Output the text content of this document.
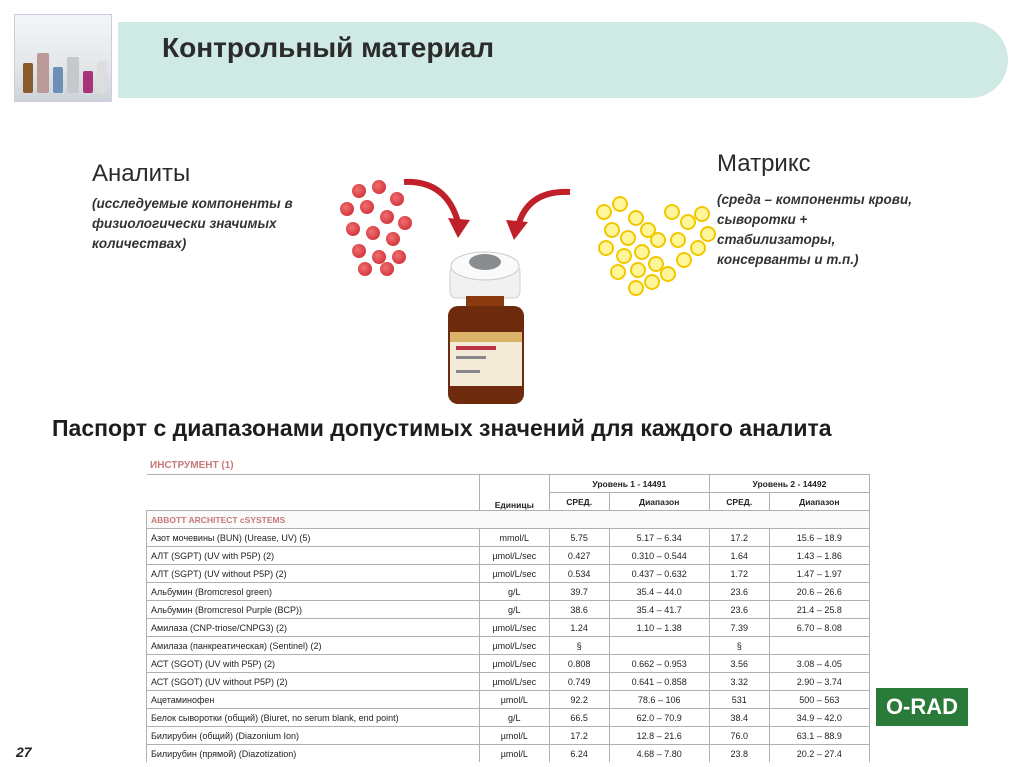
Контрольный материал
Аналиты
(исследуемые компоненты в физиологически значимых количествах)
Матрикс
(среда – компоненты крови, сыворотки + стабилизаторы, консерванты и т.п.)
Паспорт с диапазонами допустимых значений для каждого аналита
ИНСТРУМЕНТ (1)
	Единицы	Уровень 1 - 14491		Уровень 2 - 14492	
		СРЕД.	Диапазон	СРЕД.	Диапазон
ABBOTT ARCHITECT cSYSTEMS					
Азот мочевины (BUN) (Urease, UV) (5)	mmol/L	5.75	5.17 – 6.34	17.2	15.6 – 18.9
АЛТ (SGPT) (UV with P5P) (2)	µmol/L/sec	0.427	0.310 – 0.544	1.64	1.43 – 1.86
АЛТ (SGPT) (UV without P5P) (2)	µmol/L/sec	0.534	0.437 – 0.632	1.72	1.47 – 1.97
Альбумин (Bromcresol green)	g/L	39.7	35.4 – 44.0	23.6	20.6 – 26.6
Альбумин (Bromcresol Purple (BCP))	g/L	38.6	35.4 – 41.7	23.6	21.4 – 25.8
Амилаза (CNP-triose/CNPG3) (2)	µmol/L/sec	1.24	1.10 – 1.38	7.39	6.70 – 8.08
Амилаза (панкреатическая) (Sentinel) (2)	µmol/L/sec	§		§	
АСТ (SGOT) (UV with P5P) (2)	µmol/L/sec	0.808	0.662 – 0.953	3.56	3.08 – 4.05
АСТ (SGOT) (UV without P5P) (2)	µmol/L/sec	0.749	0.641 – 0.858	3.32	2.90 – 3.74
Ацетаминофен	µmol/L	92.2	78.6 – 106	531	500 – 563
Белок сыворотки (общий) (Biuret, no serum blank, end point)	g/L	66.5	62.0 – 70.9	38.4	34.9 – 42.0
Билирубин (общий) (Diazonium Ion)	µmol/L	17.2	12.8 – 21.6	76.0	63.1 – 88.9
Билирубин (прямой) (Diazotization)	µmol/L	6.24	4.68 – 7.80	23.8	20.2 – 27.4
O-RAD
27
